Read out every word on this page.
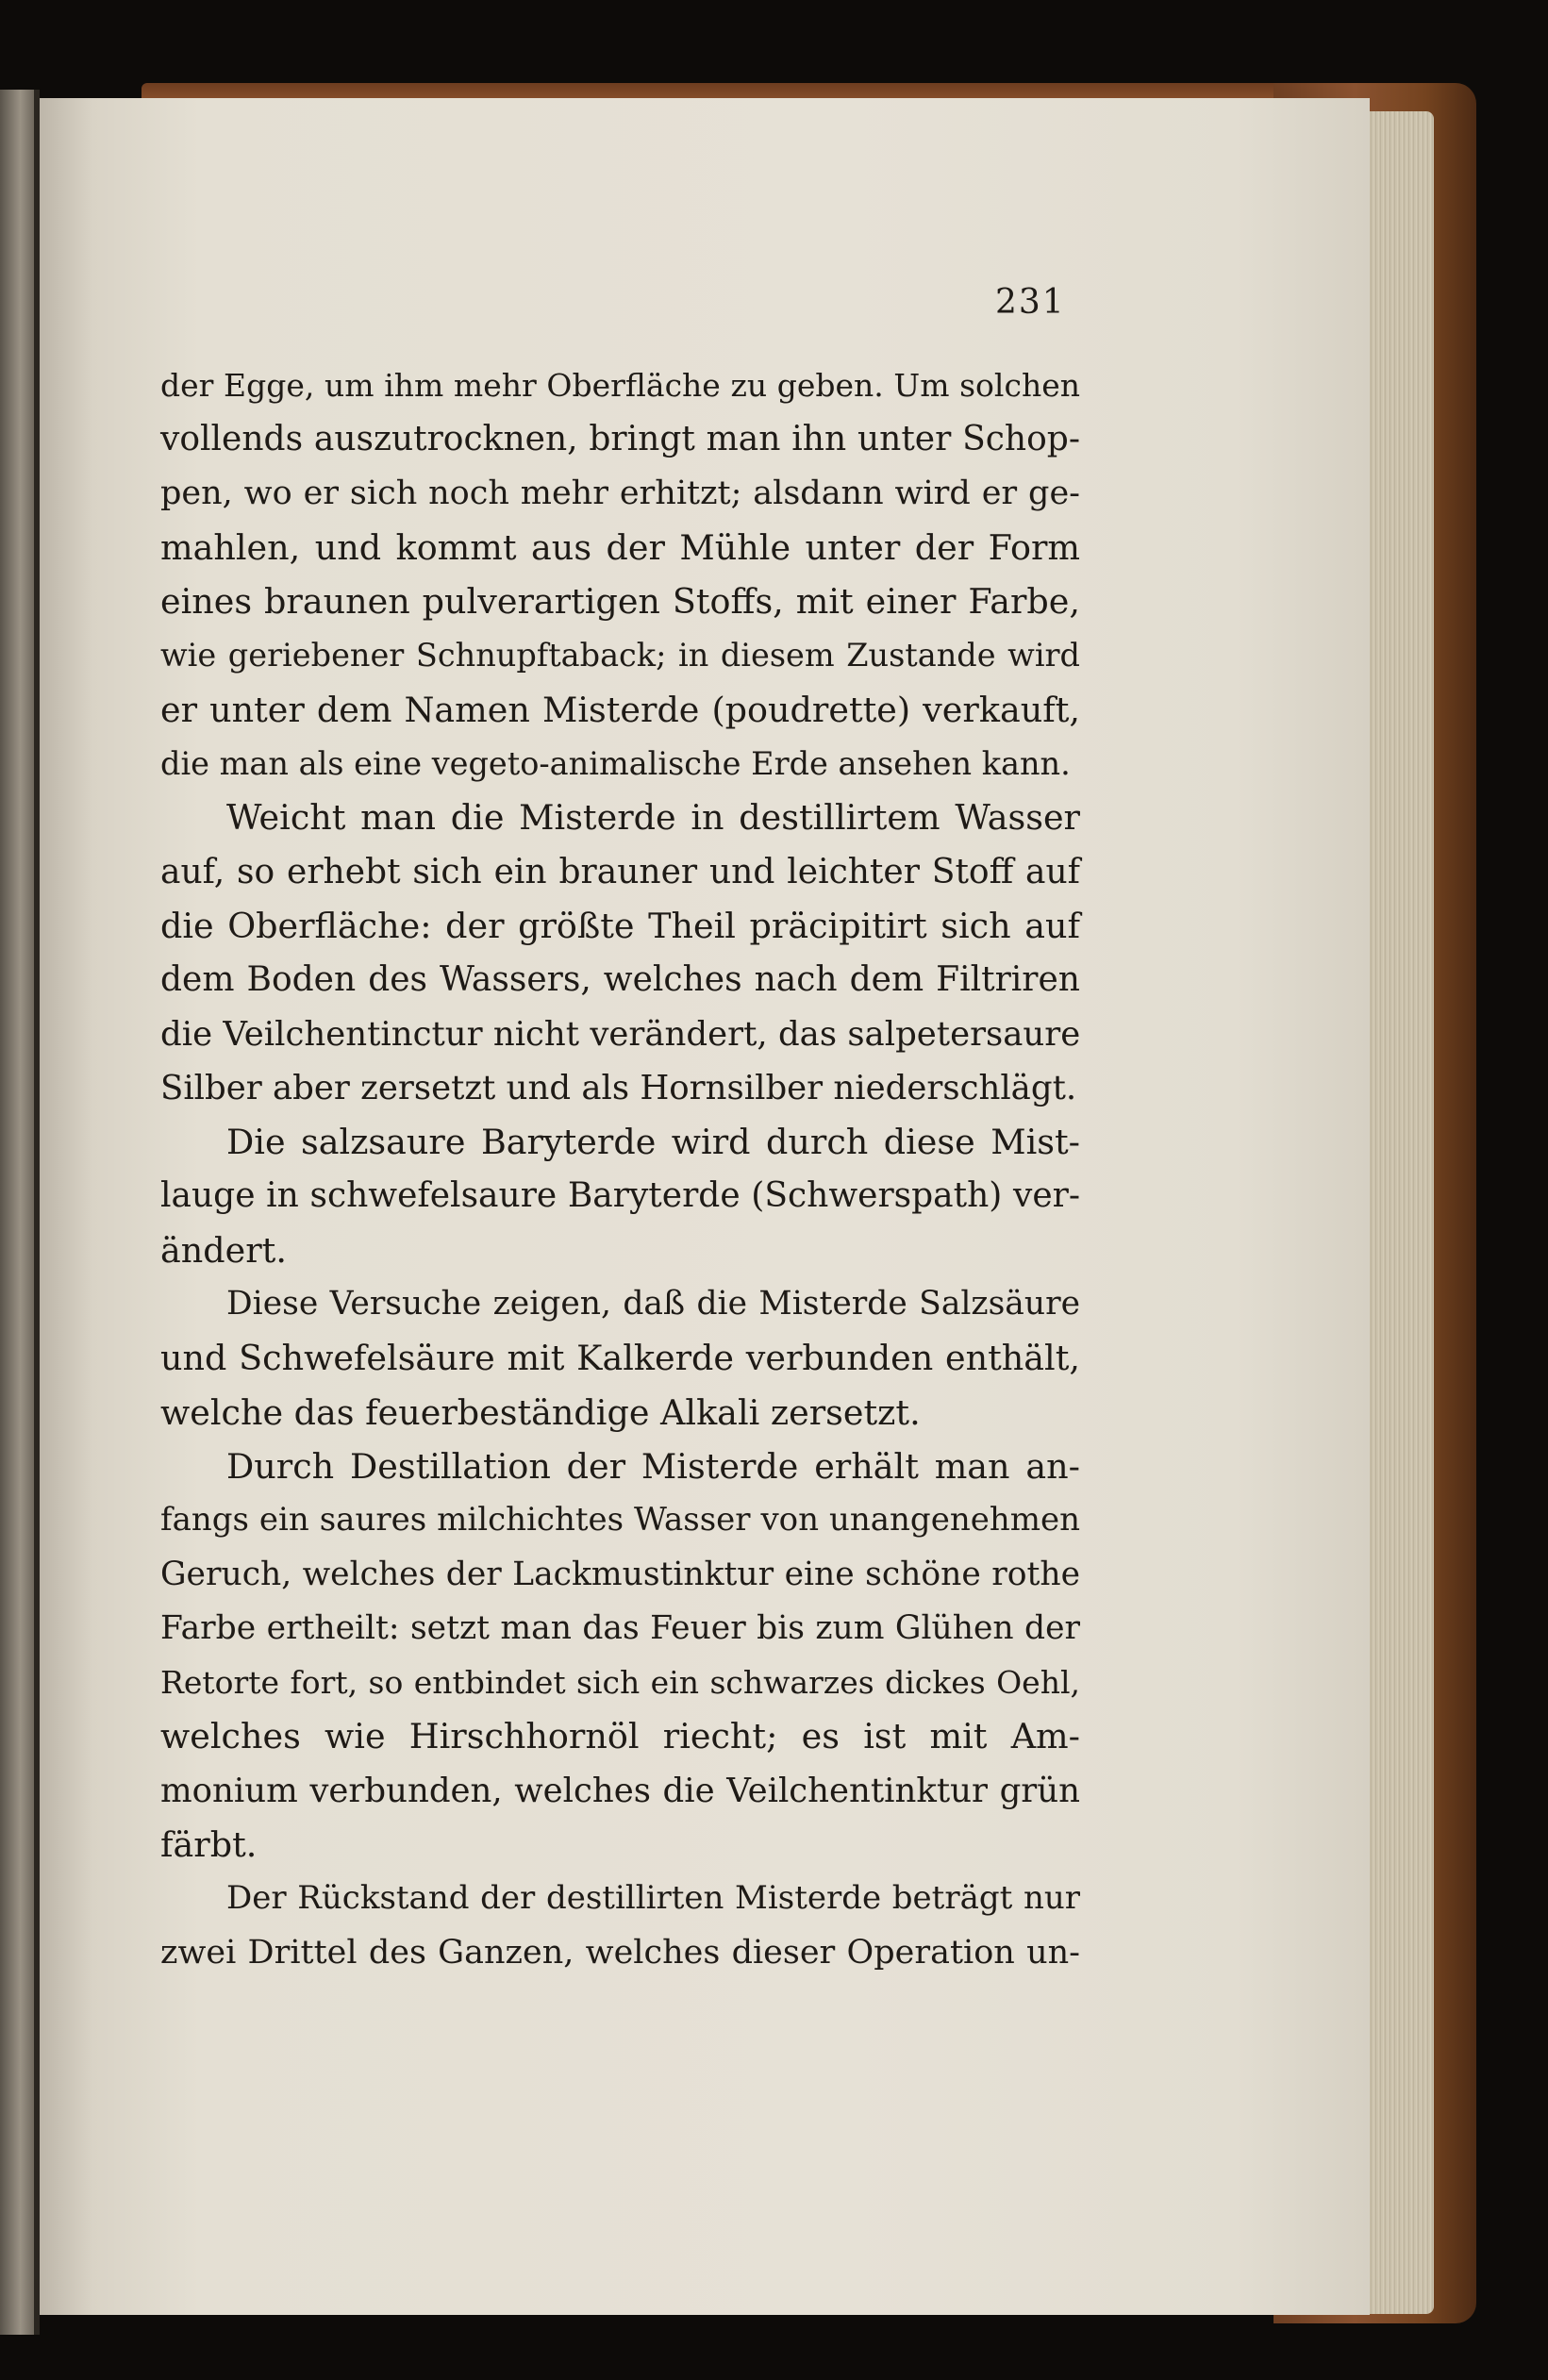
231
der Egge, um ihm mehr Oberfläche zu geben. Um solchen
vollends auszutrocknen, bringt man ihn unter Schop-
pen, wo er sich noch mehr erhitzt; alsdann wird er ge-
mahlen, und kommt aus der Mühle unter der Form
eines braunen pulverartigen Stoffs, mit einer Farbe,
wie geriebener Schnupftaback; in diesem Zustande wird
er unter dem Namen Misterde (poudrette) verkauft,
die man als eine vegeto-animalische Erde ansehen kann.
Weicht man die Misterde in destillirtem Wasser
auf, so erhebt sich ein brauner und leichter Stoff auf
die Oberfläche: der größte Theil präcipitirt sich auf
dem Boden des Wassers, welches nach dem Filtriren
die Veilchentinctur nicht verändert, das salpetersaure
Silber aber zersetzt und als Hornsilber niederschlägt.
Die salzsaure Baryterde wird durch diese Mist-
lauge in schwefelsaure Baryterde (Schwerspath) ver-
ändert.
Diese Versuche zeigen, daß die Misterde Salzsäure
und Schwefelsäure mit Kalkerde verbunden enthält,
welche das feuerbeständige Alkali zersetzt.
Durch Destillation der Misterde erhält man an-
fangs ein saures milchichtes Wasser von unangenehmen
Geruch, welches der Lackmustinktur eine schöne rothe
Farbe ertheilt: setzt man das Feuer bis zum Glühen der
Retorte fort, so entbindet sich ein schwarzes dickes Oehl,
welches wie Hirschhornöl riecht; es ist mit Am-
monium verbunden, welches die Veilchentinktur grün
färbt.
Der Rückstand der destillirten Misterde beträgt nur
zwei Drittel des Ganzen, welches dieser Operation un-
